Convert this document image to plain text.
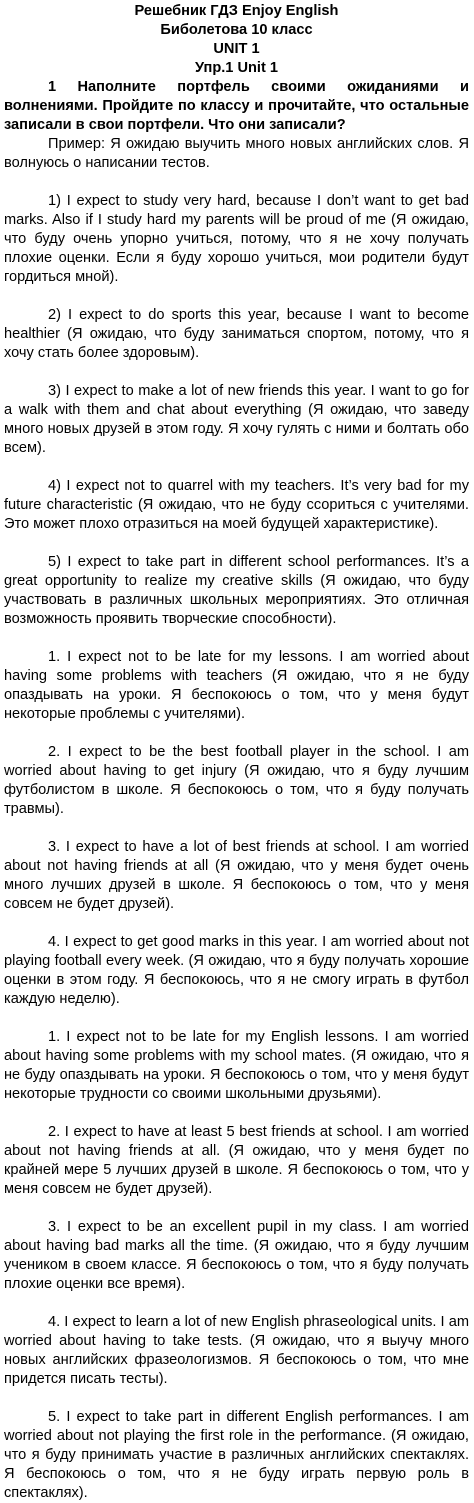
Решебник ГДЗ Enjoy English
Биболетова 10 класс
UNIT 1
Упр.1 Unit 1

1 Наполните портфель своими ожиданиями и волнениями. Пройдите по классу и прочитайте, что остальные записали в свои портфели. Что они записали?

Пример: Я ожидаю выучить много новых английских слов. Я волнуюсь о написании тестов.

1) I expect to study very hard, because I don’t want to get bad marks. Also if I study hard my parents will be proud of me (Я ожидаю, что буду очень упорно учиться, потому, что я не хочу получать плохие оценки. Если я буду хорошо учиться, мои родители будут гордиться мной).

2) I expect to do sports this year, because I want to become healthier (Я ожидаю, что буду заниматься спортом, потому, что я хочу стать более здоровым).

3) I expect to make a lot of new friends this year. I want to go for a walk with them and chat about everything (Я ожидаю, что заведу много новых друзей в этом году. Я хочу гулять с ними и болтать обо всем).

4) I expect not to quarrel with my teachers. It’s very bad for my future characteristic (Я ожидаю, что не буду ссориться с учителями. Это может плохо отразиться на моей будущей характеристике).

5) I expect to take part in different school performances. It’s a great opportunity to realize my creative skills (Я ожидаю, что буду участвовать в различных школьных мероприятиях. Это отличная возможность проявить творческие способности).

1. I expect not to be late for my lessons. I am worried about having some problems with teachers (Я ожидаю, что я не буду опаздывать на уроки. Я беспокоюсь о том, что у меня будут некоторые проблемы с учителями).

2. I expect to be the best football player in the school. I am worried about having to get injury (Я ожидаю, что я буду лучшим футболистом в школе. Я беспокоюсь о том, что я буду получать травмы).

3. I expect to have a lot of best friends at school. I am worried about not having friends at all (Я ожидаю, что у меня будет очень много лучших друзей в школе. Я беспокоюсь о том, что у меня совсем не будет друзей).

4. I expect to get good marks in this year. I am worried about not playing football every week. (Я ожидаю, что я буду получать хорошие оценки в этом году. Я беспокоюсь, что я не смогу играть в футбол каждую неделю).

1. I expect not to be late for my English lessons. I am worried about having some problems with my school mates. (Я ожидаю, что я не буду опаздывать на уроки. Я беспокоюсь о том, что у меня будут некоторые трудности со своими школьными друзьями).

2. I expect to have at least 5 best friends at school. I am worried about not having friends at all. (Я ожидаю, что у меня будет по крайней мере 5 лучших друзей в школе. Я беспокоюсь о том, что у меня совсем не будет друзей).

3. I expect to be an excellent pupil in my class. I am worried about having bad marks all the time. (Я ожидаю, что я буду лучшим учеником в своем классе. Я беспокоюсь о том, что я буду получать плохие оценки все время).

4. I expect to learn a lot of new English phraseological units. I am worried about having to take tests. (Я ожидаю, что я выучу много новых английских фразеологизмов. Я беспокоюсь о том, что мне придется писать тесты).

5. I expect to take part in different English performances. I am worried about not playing the first role in the performance. (Я ожидаю, что я буду принимать участие в различных английских спектаклях. Я беспокоюсь о том, что я не буду играть первую роль в спектаклях).
